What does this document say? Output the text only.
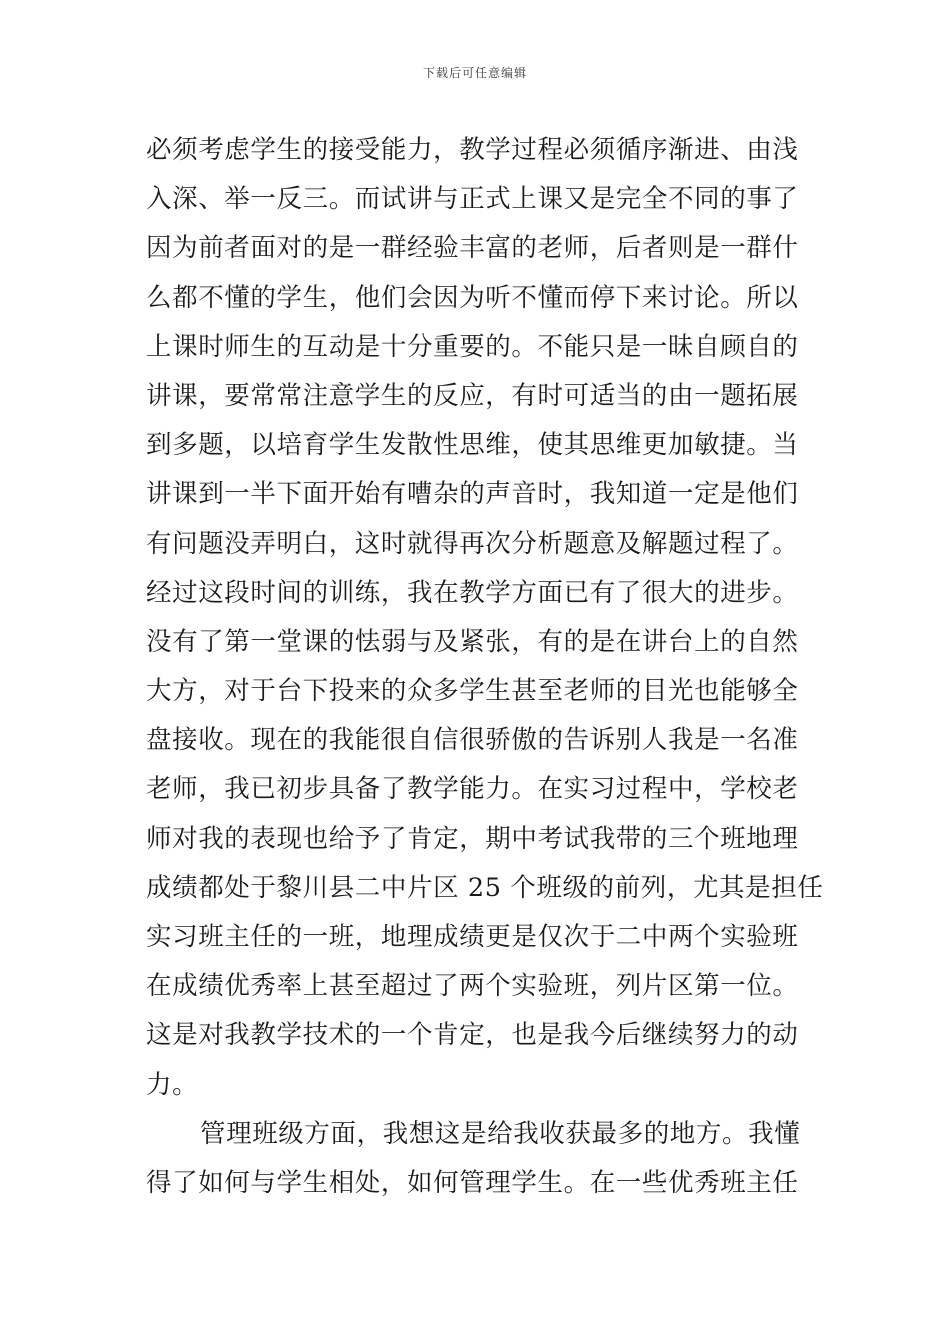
下载后可任意编辑
必须考虑学生的接受能力，教学过程必须循序渐进、由浅
入深、举一反三。而试讲与正式上课又是完全不同的事了
因为前者面对的是一群经验丰富的老师，后者则是一群什
么都不懂的学生，他们会因为听不懂而停下来讨论。所以
上课时师生的互动是十分重要的。不能只是一昧自顾自的
讲课，要常常注意学生的反应，有时可适当的由一题拓展
到多题，以培育学生发散性思维，使其思维更加敏捷。当
讲课到一半下面开始有嘈杂的声音时，我知道一定是他们
有问题没弄明白，这时就得再次分析题意及解题过程了。
经过这段时间的训练，我在教学方面已有了很大的进步。
没有了第一堂课的怯弱与及紧张，有的是在讲台上的自然
大方，对于台下投来的众多学生甚至老师的目光也能够全
盘接收。现在的我能很自信很骄傲的告诉别人我是一名准
老师，我已初步具备了教学能力。在实习过程中，学校老
师对我的表现也给予了肯定，期中考试我带的三个班地理
成绩都处于黎川县二中片区 25 个班级的前列，尤其是担任
实习班主任的一班，地理成绩更是仅次于二中两个实验班
在成绩优秀率上甚至超过了两个实验班，列片区第一位。
这是对我教学技术的一个肯定，也是我今后继续努力的动
力。
管理班级方面，我想这是给我收获最多的地方。我懂
得了如何与学生相处，如何管理学生。在一些优秀班主任
